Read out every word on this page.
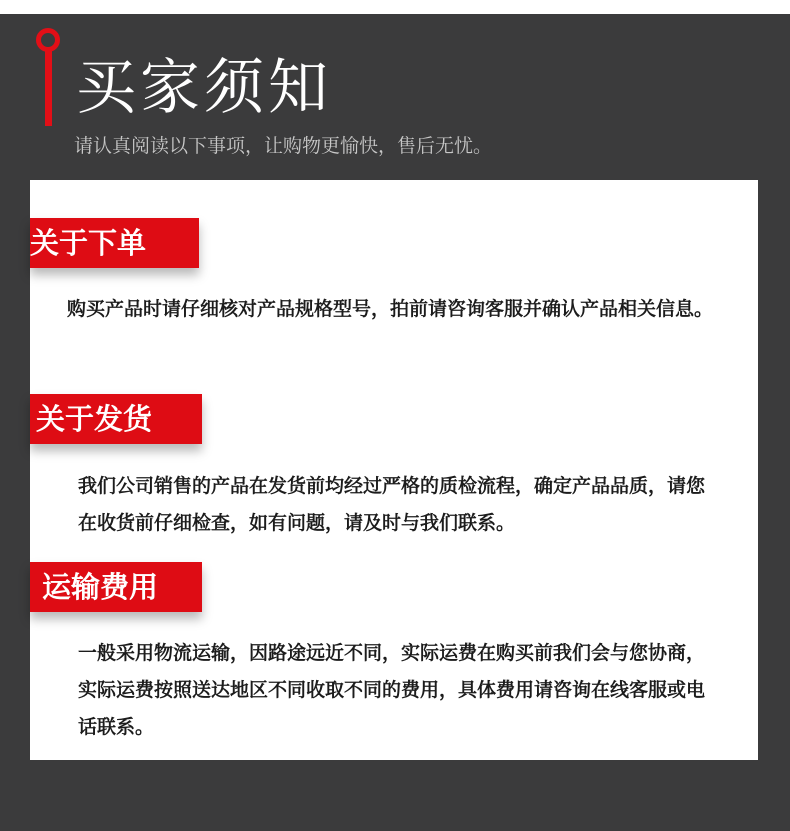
买家须知
请认真阅读以下事项，让购物更愉快，售后无忧。
关于下单
购买产品时请仔细核对产品规格型号，拍前请咨询客服并确认产品相关信息。
关于发货
我们公司销售的产品在发货前均经过严格的质检流程，确定产品品质，请您在收货前仔细检查，如有问题，请及时与我们联系。
运输费用
一般采用物流运输，因路途远近不同，实际运费在购买前我们会与您协商，实际运费按照送达地区不同收取不同的费用，具体费用请咨询在线客服或电话联系。
